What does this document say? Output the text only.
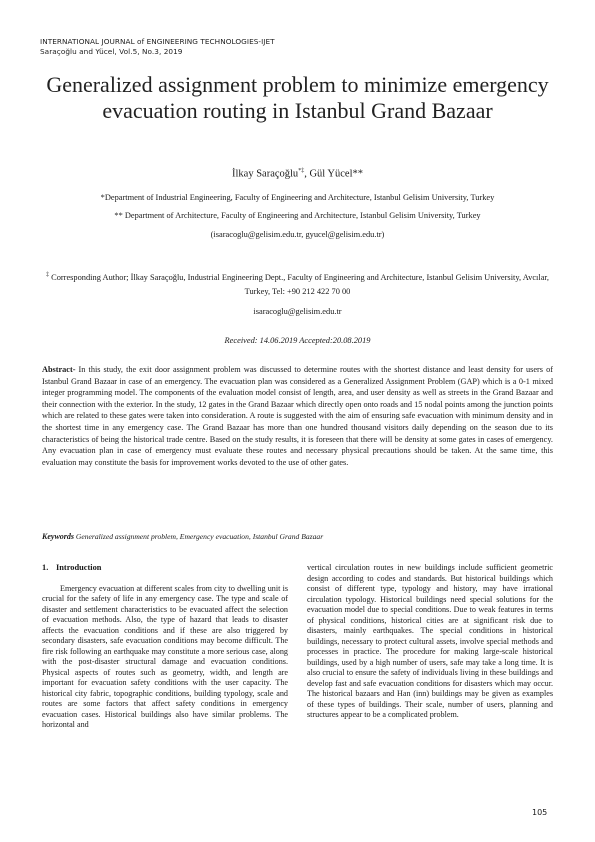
INTERNATIONAL JOURNAL of ENGINEERING TECHNOLOGIES-IJET
Saraçoğlu and Yücel, Vol.5, No.3, 2019
Generalized assignment problem to minimize emergency evacuation routing in Istanbul Grand Bazaar
İlkay Saraçoğlu*‡, Gül Yücel**
*Department of Industrial Engineering, Faculty of Engineering and Architecture, Istanbul Gelisim University, Turkey
** Department of Architecture, Faculty of Engineering and Architecture, Istanbul Gelisim University, Turkey
(isaracoglu@gelisim.edu.tr, gyucel@gelisim.edu.tr)
‡ Corresponding Author; İlkay Saraçoğlu, Industrial Engineering Dept., Faculty of Engineering and Architecture, Istanbul Gelisim University, Avcılar, Turkey, Tel: +90 212 422 70 00
isaracoglu@gelisim.edu.tr
Received: 14.06.2019 Accepted:20.08.2019
Abstract- In this study, the exit door assignment problem was discussed to determine routes with the shortest distance and least density for users of Istanbul Grand Bazaar in case of an emergency. The evacuation plan was considered as a Generalized Assignment Problem (GAP) which is a 0-1 mixed integer programming model. The components of the evaluation model consist of length, area, and user density as well as streets in the Grand Bazaar and their connection with the exterior. In the study, 12 gates in the Grand Bazaar which directly open onto roads and 15 nodal points among the junction points which are related to these gates were taken into consideration. A route is suggested with the aim of ensuring safe evacuation with minimum density and in the shortest time in any emergency case. The Grand Bazaar has more than one hundred thousand visitors daily depending on the season due to its characteristics of being the historical trade centre. Based on the study results, it is foreseen that there will be density at some gates in cases of emergency. Any evacuation plan in case of emergency must evaluate these routes and necessary physical precautions should be taken. At the same time, this evaluation may constitute the basis for improvement works devoted to the use of other gates.
Keywords Generalized assignment problem, Emergency evacuation, Istanbul Grand Bazaar
1. Introduction

Emergency evacuation at different scales from city to dwelling unit is crucial for the safety of life in any emergency case. The type and scale of disaster and settlement characteristics to be evacuated affect the selection of evacuation methods. Also, the type of hazard that leads to disaster affects the evacuation conditions and if these are also triggered by secondary disasters, safe evacuation conditions may become difficult. The fire risk following an earthquake may constitute a more serious case, along with the post-disaster structural damage and evacuation conditions. Physical aspects of routes such as geometry, width, and length are important for evacuation safety conditions with the user capacity. The historical city fabric, topographic conditions, building typology, scale and routes are some factors that affect safety conditions in emergency evacuation cases. Historical buildings also have similar problems. The horizontal and

vertical circulation routes in new buildings include sufficient geometric design according to codes and standards. But historical buildings which consist of different type, typology and history, may have irrational circulation typology. Historical buildings need special solutions for the evacuation model due to special conditions. Due to weak features in terms of physical conditions, historical cities are at significant risk due to disasters, mainly earthquakes. The special conditions in historical buildings, necessary to protect cultural assets, involve special methods and processes in practice. The procedure for making large-scale historical buildings, used by a high number of users, safe may take a long time. It is also crucial to ensure the safety of individuals living in these buildings and develop fast and safe evacuation conditions for disasters which may occur. The historical bazaars and Han (inn) buildings may be given as examples of these types of buildings. Their scale, number of users, planning and structures appear to be a complicated problem.

105
